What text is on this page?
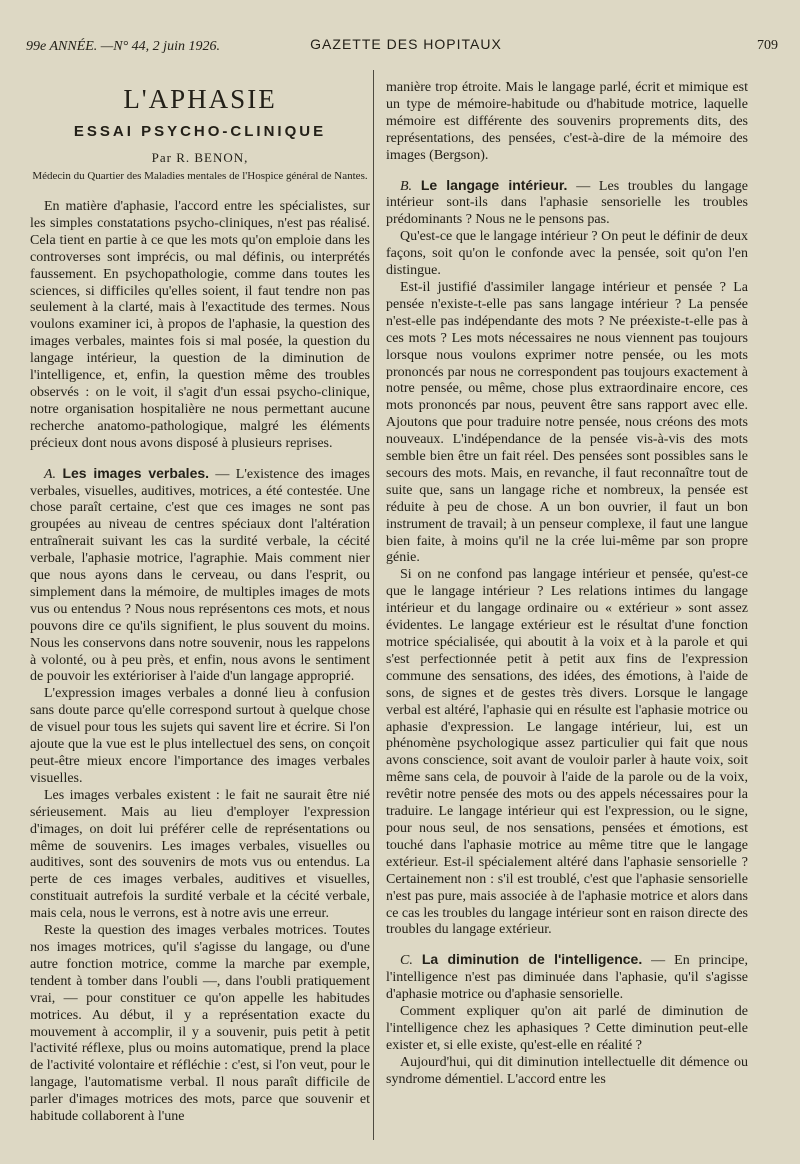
99e ANNÉE. —N° 44, 2 juin 1926.	GAZETTE DES HOPITAUX	709
L'APHASIE
ESSAI PSYCHO-CLINIQUE
Par R. BENON,
Médecin du Quartier des Maladies mentales de l'Hospice général de Nantes.

En matière d'aphasie, l'accord entre les spécialistes, sur les simples constatations psycho-cliniques, n'est pas réalisé. Cela tient en partie à ce que les mots qu'on emploie dans les controverses sont imprécis, ou mal définis, ou interprétés faussement. En psychopathologie, comme dans toutes les sciences, si difficiles qu'elles soient, il faut tendre non pas seulement à la clarté, mais à l'exactitude des termes. Nous voulons examiner ici, à propos de l'aphasie, la question des images verbales, maintes fois si mal posée, la question du langage intérieur, la question de la diminution de l'intelligence, et, enfin, la question même des troubles observés : on le voit, il s'agit d'un essai psycho-clinique, notre organisation hospitalière ne nous permettant aucune recherche anatomo-pathologique, malgré les éléments précieux dont nous avons disposé à plusieurs reprises.

A. Les images verbales. — L'existence des images verbales, visuelles, auditives, motrices, a été contestée. Une chose paraît certaine, c'est que ces images ne sont pas groupées au niveau de centres spéciaux dont l'altération entraînerait suivant les cas la surdité verbale, la cécité verbale, l'aphasie motrice, l'agraphie. Mais comment nier que nous ayons dans le cerveau, ou dans l'esprit, ou simplement dans la mémoire, de multiples images de mots vus ou entendus ? Nous nous représentons ces mots, et nous pouvons dire ce qu'ils signifient, le plus souvent du moins. Nous les conservons dans notre souvenir, nous les rappelons à volonté, ou à peu près, et enfin, nous avons le sentiment de pouvoir les extérioriser à l'aide d'un langage approprié.

L'expression images verbales a donné lieu à confusion sans doute parce qu'elle correspond surtout à quelque chose de visuel pour tous les sujets qui savent lire et écrire. Si l'on ajoute que la vue est le plus intellectuel des sens, on conçoit peut-être mieux encore l'importance des images verbales visuelles.

Les images verbales existent : le fait ne saurait être nié sérieusement. Mais au lieu d'employer l'expression d'images, on doit lui préférer celle de représentations ou même de souvenirs. Les images verbales, visuelles ou auditives, sont des souvenirs de mots vus ou entendus. La perte de ces images verbales, auditives et visuelles, constituait autrefois la surdité verbale et la cécité verbale, mais cela, nous le verrons, est à notre avis une erreur.

Reste la question des images verbales motrices. Toutes nos images motrices, qu'il s'agisse du langage, ou d'une autre fonction motrice, comme la marche par exemple, tendent à tomber dans l'oubli —, dans l'oubli pratiquement vrai, — pour constituer ce qu'on appelle les habitudes motrices. Au début, il y a représentation exacte du mouvement à accomplir, il y a souvenir, puis petit à petit l'activité réflexe, plus ou moins automatique, prend la place de l'activité volontaire et réfléchie : c'est, si l'on veut, pour le langage, l'automatisme verbal. Il nous paraît difficile de parler d'images motrices des mots, parce que souvenir et habitude collaborent à l'une

manière trop étroite. Mais le langage parlé, écrit et mimique est un type de mémoire-habitude ou d'habitude motrice, laquelle mémoire est différente des souvenirs proprements dits, des représentations, des pensées, c'est-à-dire de la mémoire des images (Bergson).

B. Le langage intérieur. — Les troubles du langage intérieur sont-ils dans l'aphasie sensorielle les troubles prédominants ? Nous ne le pensons pas.

Qu'est-ce que le langage intérieur ? On peut le définir de deux façons, soit qu'on le confonde avec la pensée, soit qu'on l'en distingue.

Est-il justifié d'assimiler langage intérieur et pensée ? La pensée n'existe-t-elle pas sans langage intérieur ? La pensée n'est-elle pas indépendante des mots ? Ne préexiste-t-elle pas à ces mots ? Les mots nécessaires ne nous viennent pas toujours lorsque nous voulons exprimer notre pensée, ou les mots prononcés par nous ne correspondent pas toujours exactement à notre pensée, ou même, chose plus extraordinaire encore, ces mots prononcés par nous, peuvent être sans rapport avec elle. Ajoutons que pour traduire notre pensée, nous créons des mots nouveaux. L'indépendance de la pensée vis-à-vis des mots semble bien être un fait réel. Des pensées sont possibles sans le secours des mots. Mais, en revanche, il faut reconnaître tout de suite que, sans un langage riche et nombreux, la pensée est réduite à peu de chose. A un bon ouvrier, il faut un bon instrument de travail; à un penseur complexe, il faut une langue bien faite, à moins qu'il ne la crée lui-même par son propre génie.

Si on ne confond pas langage intérieur et pensée, qu'est-ce que le langage intérieur ? Les relations intimes du langage intérieur et du langage ordinaire ou « extérieur » sont assez évidentes. Le langage extérieur est le résultat d'une fonction motrice spécialisée, qui aboutit à la voix et à la parole et qui s'est perfectionnée petit à petit aux fins de l'expression commune des sensations, des idées, des émotions, à l'aide de sons, de signes et de gestes très divers. Lorsque le langage verbal est altéré, l'aphasie qui en résulte est l'aphasie motrice ou aphasie d'expression. Le langage intérieur, lui, est un phénomène psychologique assez particulier qui fait que nous avons conscience, soit avant de vouloir parler à haute voix, soit même sans cela, de pouvoir à l'aide de la parole ou de la voix, revêtir notre pensée des mots ou des appels nécessaires pour la traduire. Le langage intérieur qui est l'expression, ou le signe, pour nous seul, de nos sensations, pensées et émotions, est touché dans l'aphasie motrice au même titre que le langage extérieur. Est-il spécialement altéré dans l'aphasie sensorielle ? Certainement non : s'il est troublé, c'est que l'aphasie sensorielle n'est pas pure, mais associée à de l'aphasie motrice et alors dans ce cas les troubles du langage intérieur sont en raison directe des troubles du langage extérieur.

C. La diminution de l'intelligence. — En principe, l'intelligence n'est pas diminuée dans l'aphasie, qu'il s'agisse d'aphasie motrice ou d'aphasie sensorielle.

Comment expliquer qu'on ait parlé de diminution de l'intelligence chez les aphasiques ? Cette diminution peut-elle exister et, si elle existe, qu'est-elle en réalité ?

Aujourd'hui, qui dit diminution intellectuelle dit démence ou syndrome démentiel. L'accord entre les
